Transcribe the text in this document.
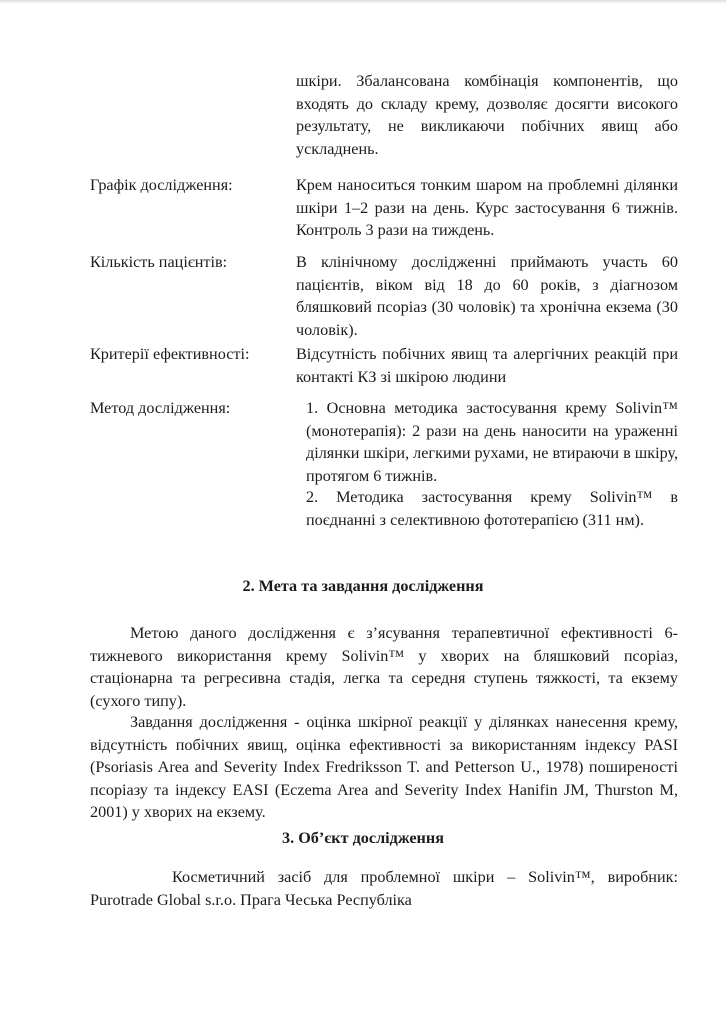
шкіри. Збалансована комбінація компонентів, що входять до складу крему, дозволяє досягти високого результату, не викликаючи побічних явищ або ускладнень.
Графік дослідження:	Крем наноситься тонким шаром на проблемні ділянки шкіри 1–2 рази на день. Курс застосування 6 тижнів. Контроль 3 рази на тиждень.
Кількість пацієнтів:	В клінічному дослідженні приймають участь 60 пацієнтів, віком від 18 до 60 років, з діагнозом бляшковий псоріаз (30 чоловік) та хронічна екзема (30 чоловік).
Критерії ефективності:	Відсутність побічних явищ та алергічних реакцій при контакті КЗ зі шкірою людини
Метод дослідження:	1. Основна методика застосування крему Solivin™ (монотерапія): 2 рази на день наносити на ураженні ділянки шкіри, легкими рухами, не втираючи в шкіру, протягом 6 тижнів.
2. Методика застосування крему Solivin™ в поєднанні з селективною фототерапією (311 нм).
2. Мета та завдання дослідження
Метою даного дослідження є з’ясування терапевтичної ефективності 6-тижневого використання крему Solivin™ у хворих на бляшковий псоріаз, стаціонарна та регресивна стадія, легка та середня ступень тяжкості, та екзему (сухого типу).
Завдання дослідження - оцінка шкірної реакції у ділянках нанесення крему, відсутність побічних явищ, оцінка ефективності за використанням індексу PASI (Psoriasis Area and Severity Index Fredriksson T. and Petterson U., 1978) поширеності псоріазу та індексу EASI (Eczema Area and Severity Index Hanifin JM, Thurston M, 2001) у хворих на екзему.
3. Об’єкт дослідження
Косметичний засіб для проблемної шкіри – Solivin™, виробник: Purotrade Global s.r.o. Прага Чеська Республіка
